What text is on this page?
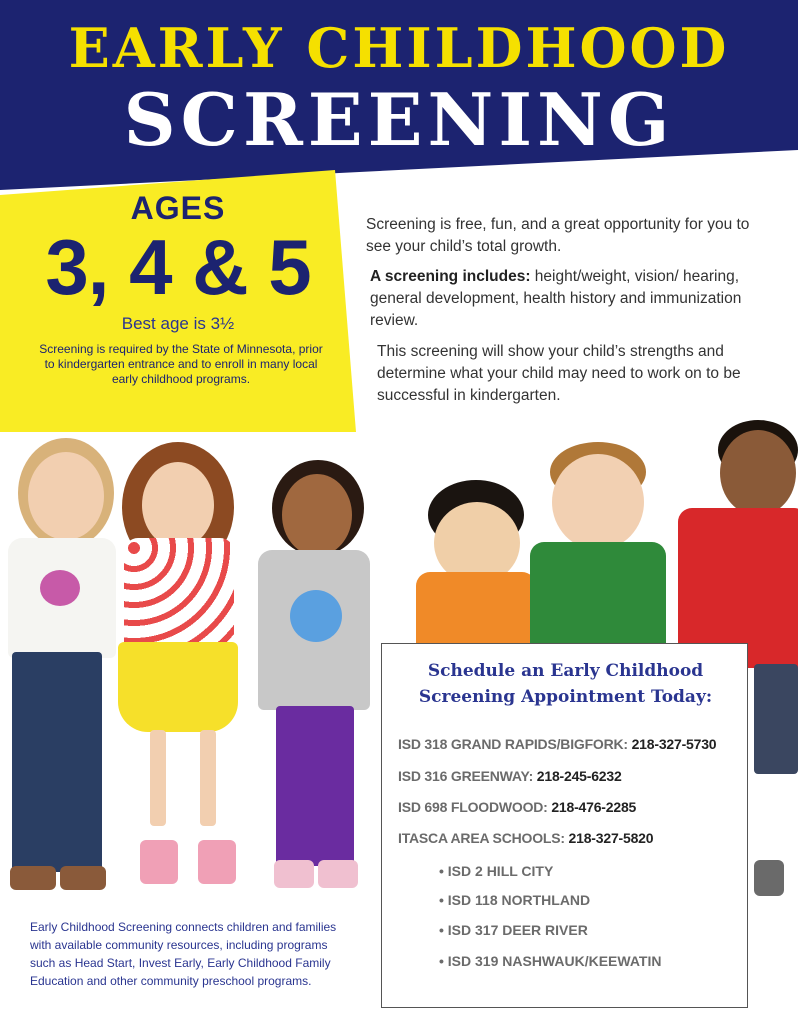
EARLY CHILDHOOD
SCREENING
AGES
3, 4 & 5
Best age is 3½
Screening is required by the State of Minnesota, prior to kindergarten entrance and to enroll in many local early childhood programs.
Screening is free, fun, and a great opportunity for you to see your child’s total growth.
A screening includes: height/weight, vision/ hearing, general development, health history and immunization review.
This screening will show your child’s strengths and determine what your child may need to work on to be successful in kindergarten.
Schedule an Early Childhood
Screening Appointment Today:
ISD 318 GRAND RAPIDS/BIGFORK: 218-327-5730
ISD 316 GREENWAY: 218-245-6232
ISD 698 FLOODWOOD: 218-476-2285
ITASCA AREA SCHOOLS: 218-327-5820
• ISD 2 HILL CITY
• ISD 118 NORTHLAND
• ISD 317 DEER RIVER
• ISD 319 NASHWAUK/KEEWATIN
Early Childhood Screening connects children and families with available community resources, including programs such as Head Start, Invest Early, Early Childhood Family Education and other community preschool programs.
